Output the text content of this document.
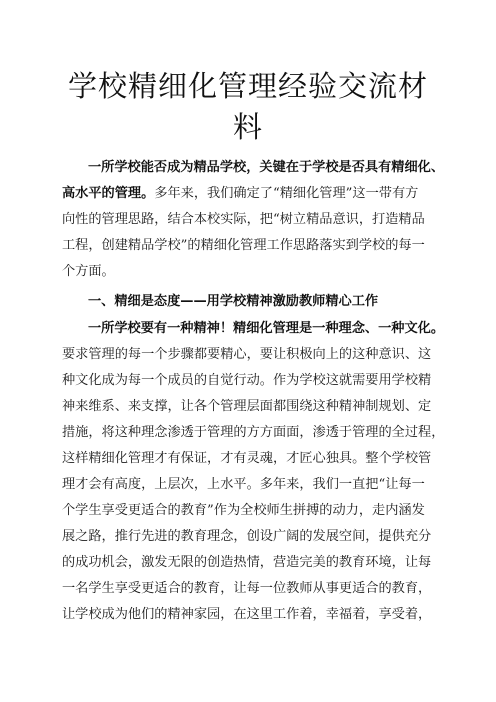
学校精细化管理经验交流材
料
一所学校能否成为精品学校，关键在于学校是否具有精细化、
高水平的管理。多年来，我们确定了“精细化管理”这一带有方
向性的管理思路，结合本校实际，把“树立精品意识，打造精品
工程，创建精品学校”的精细化管理工作思路落实到学校的每一
个方面。
一、精细是态度——用学校精神激励教师精心工作
一所学校要有一种精神！精细化管理是一种理念、一种文化。
要求管理的每一个步骤都要精心，要让积极向上的这种意识、这
种文化成为每一个成员的自觉行动。作为学校这就需要用学校精
神来维系、来支撑，让各个管理层面都围绕这种精神制规划、定
措施，将这种理念渗透于管理的方方面面，渗透于管理的全过程，
这样精细化管理才有保证，才有灵魂，才匠心独具。整个学校管
理才会有高度，上层次，上水平。多年来，我们一直把“让每一
个学生享受更适合的教育”作为全校师生拼搏的动力，走内涵发
展之路，推行先进的教育理念，创设广阔的发展空间，提供充分
的成功机会，激发无限的创造热情，营造完美的教育环境，让每
一名学生享受更适合的教育，让每一位教师从事更适合的教育，
让学校成为他们的精神家园，在这里工作着，幸福着，享受着，
